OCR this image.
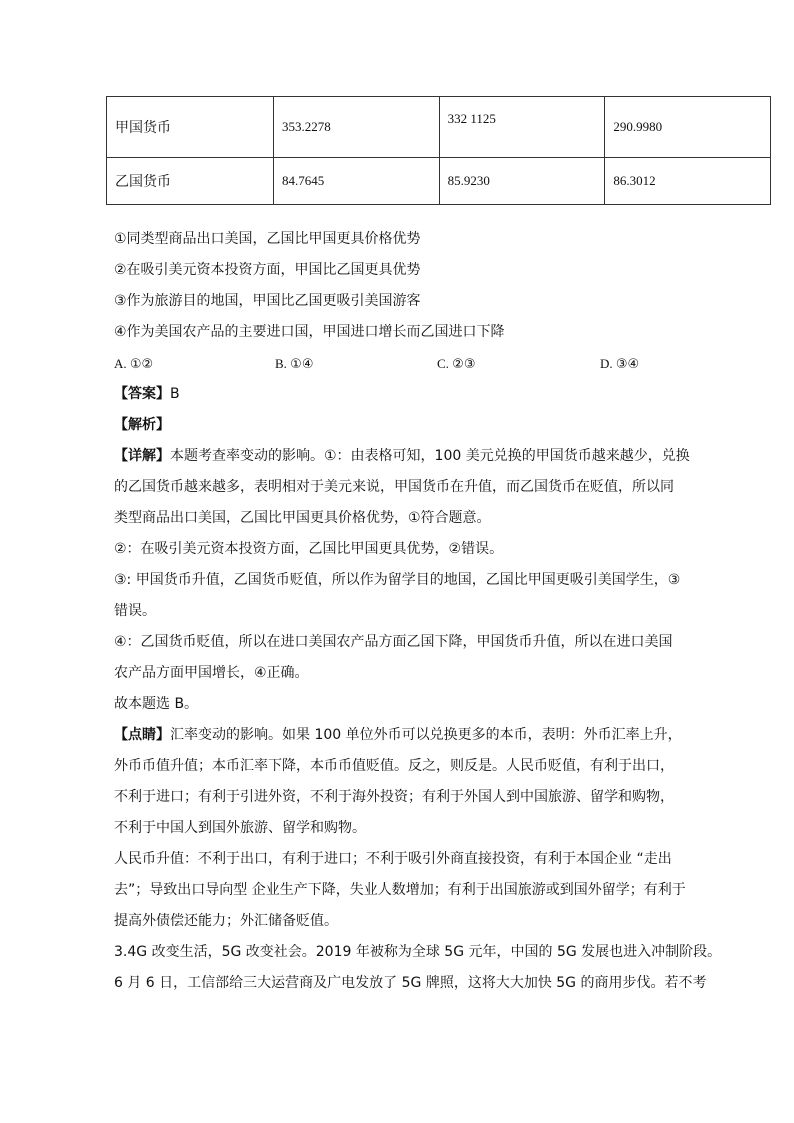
甲国货币	353.2278	332 1125	290.9980
乙国货币	84.7645	85.9230	86.3012
①同类型商品出口美国，乙国比甲国更具价格优势
②在吸引美元资本投资方面，甲国比乙国更具优势
③作为旅游目的地国，甲国比乙国更吸引美国游客
④作为美国农产品的主要进口国，甲国进口增长而乙国进口下降
A. ①②	B. ①④	C. ②③	D. ③④
【答案】B
【解析】
【详解】本题考查率变动的影响。①：由表格可知，100 美元兑换的甲国货币越来越少，兑换
的乙国货币越来越多，表明相对于美元来说，甲国货币在升值，而乙国货币在贬值，所以同
类型商品出口美国，乙国比甲国更具价格优势，①符合题意。
②：在吸引美元资本投资方面，乙国比甲国更具优势，②错误。
③: 甲国货币升值，乙国货币贬值，所以作为留学目的地国，乙国比甲国更吸引美国学生，③
错误。
④：乙国货币贬值，所以在进口美国农产品方面乙国下降，甲国货币升值，所以在进口美国
农产品方面甲国增长，④正确。
故本题选 B。
【点睛】汇率变动的影响。如果 100 单位外币可以兑换更多的本币，表明：外币汇率上升，
外币币值升值；本币汇率下降，本币币值贬值。反之，则反是。人民币贬值，有利于出口，
不利于进口；有利于引进外资，不利于海外投资；有利于外国人到中国旅游、留学和购物，
不利于中国人到国外旅游、留学和购物。
人民币升值：不利于出口，有利于进口；不利于吸引外商直接投资，有利于本国企业 “走出
去”；导致出口导向型 企业生产下降，失业人数增加；有利于出国旅游或到国外留学；有利于
提高外债偿还能力；外汇储备贬值。
3.4G 改变生活，5G 改变社会。2019 年被称为全球 5G 元年，中国的 5G 发展也进入冲制阶段。
6 月 6 日，工信部给三大运营商及广电发放了 5G 牌照，这将大大加快 5G 的商用步伐。若不考
